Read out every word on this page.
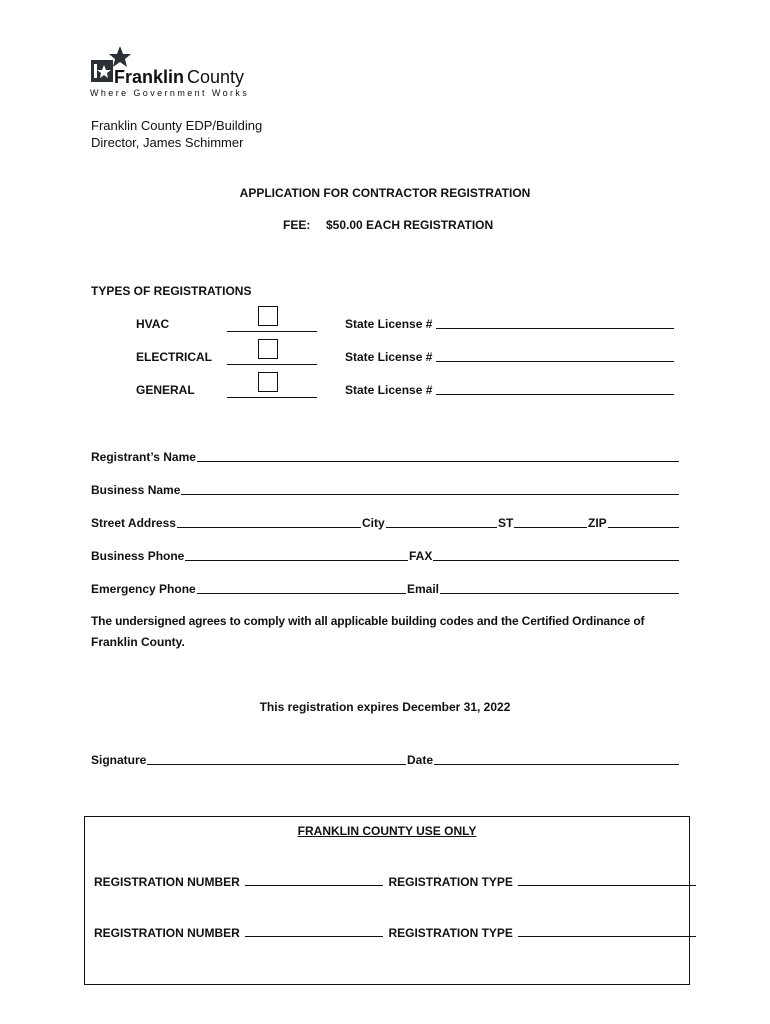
Franklin County
Where Government Works
Franklin County EDP/Building
Director, James Schimmer
APPLICATION FOR CONTRACTOR REGISTRATION
FEE: $50.00 EACH REGISTRATION
TYPES OF REGISTRATIONS
HVAC	State License #
ELECTRICAL	State License #
GENERAL	State License #
Registrant’s Name
Business Name
Street Address	City	ST	ZIP
Business Phone	FAX
Emergency Phone	Email
The undersigned agrees to comply with all applicable building codes and the Certified Ordinance of
Franklin County.
This registration expires December 31, 2022
Signature	Date
FRANKLIN COUNTY USE ONLY
REGISTRATION NUMBER	REGISTRATION TYPE
REGISTRATION NUMBER	REGISTRATION TYPE
